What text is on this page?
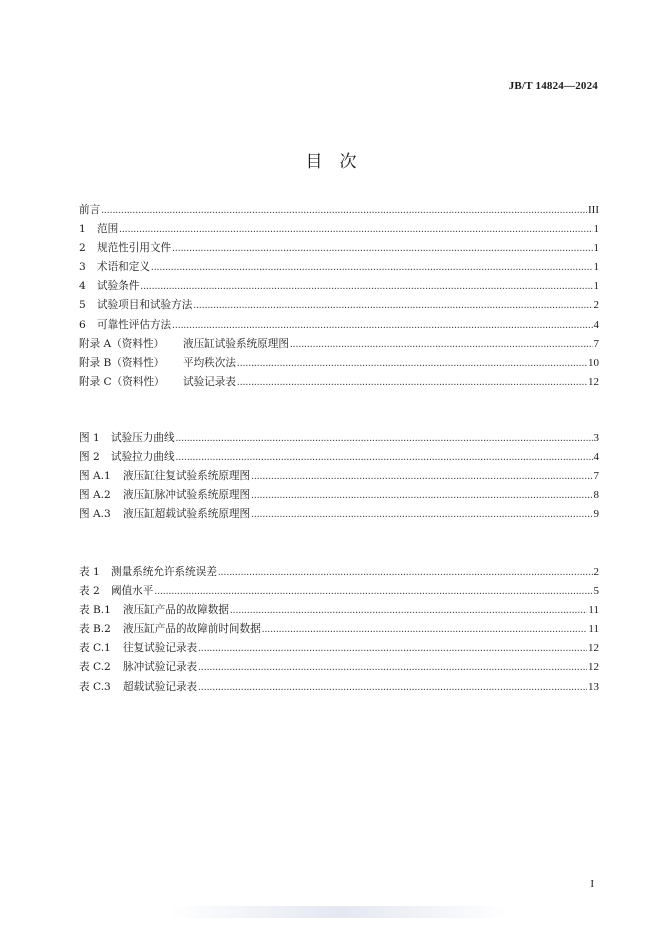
JB/T 14824—2024
目　次
前言 .....	III
1	范围 .....	1
2	规范性引用文件 .....	1
3	术语和定义 .....	1
4	试验条件 .....	1
5	试验项目和试验方法 .....	2
6	可靠性评估方法 .....	4
附录 A（资料性）	液压缸试验系统原理图 .....	7
附录 B（资料性）	平均秩次法 .....	10
附录 C（资料性）	试验记录表 .....	12
图 1	试验压力曲线 .....	3
图 2	试验拉力曲线 .....	4
图 A.1	液压缸往复试验系统原理图 .....	7
图 A.2	液压缸脉冲试验系统原理图 .....	8
图 A.3	液压缸超载试验系统原理图 .....	9
表 1	测量系统允许系统误差 .....	2
表 2	阈值水平 .....	5
表 B.1	液压缸产品的故障数据 .....	11
表 B.2	液压缸产品的故障前时间数据 .....	11
表 C.1	往复试验记录表 .....	12
表 C.2	脉冲试验记录表 .....	12
表 C.3	超载试验记录表 .....	13
I
